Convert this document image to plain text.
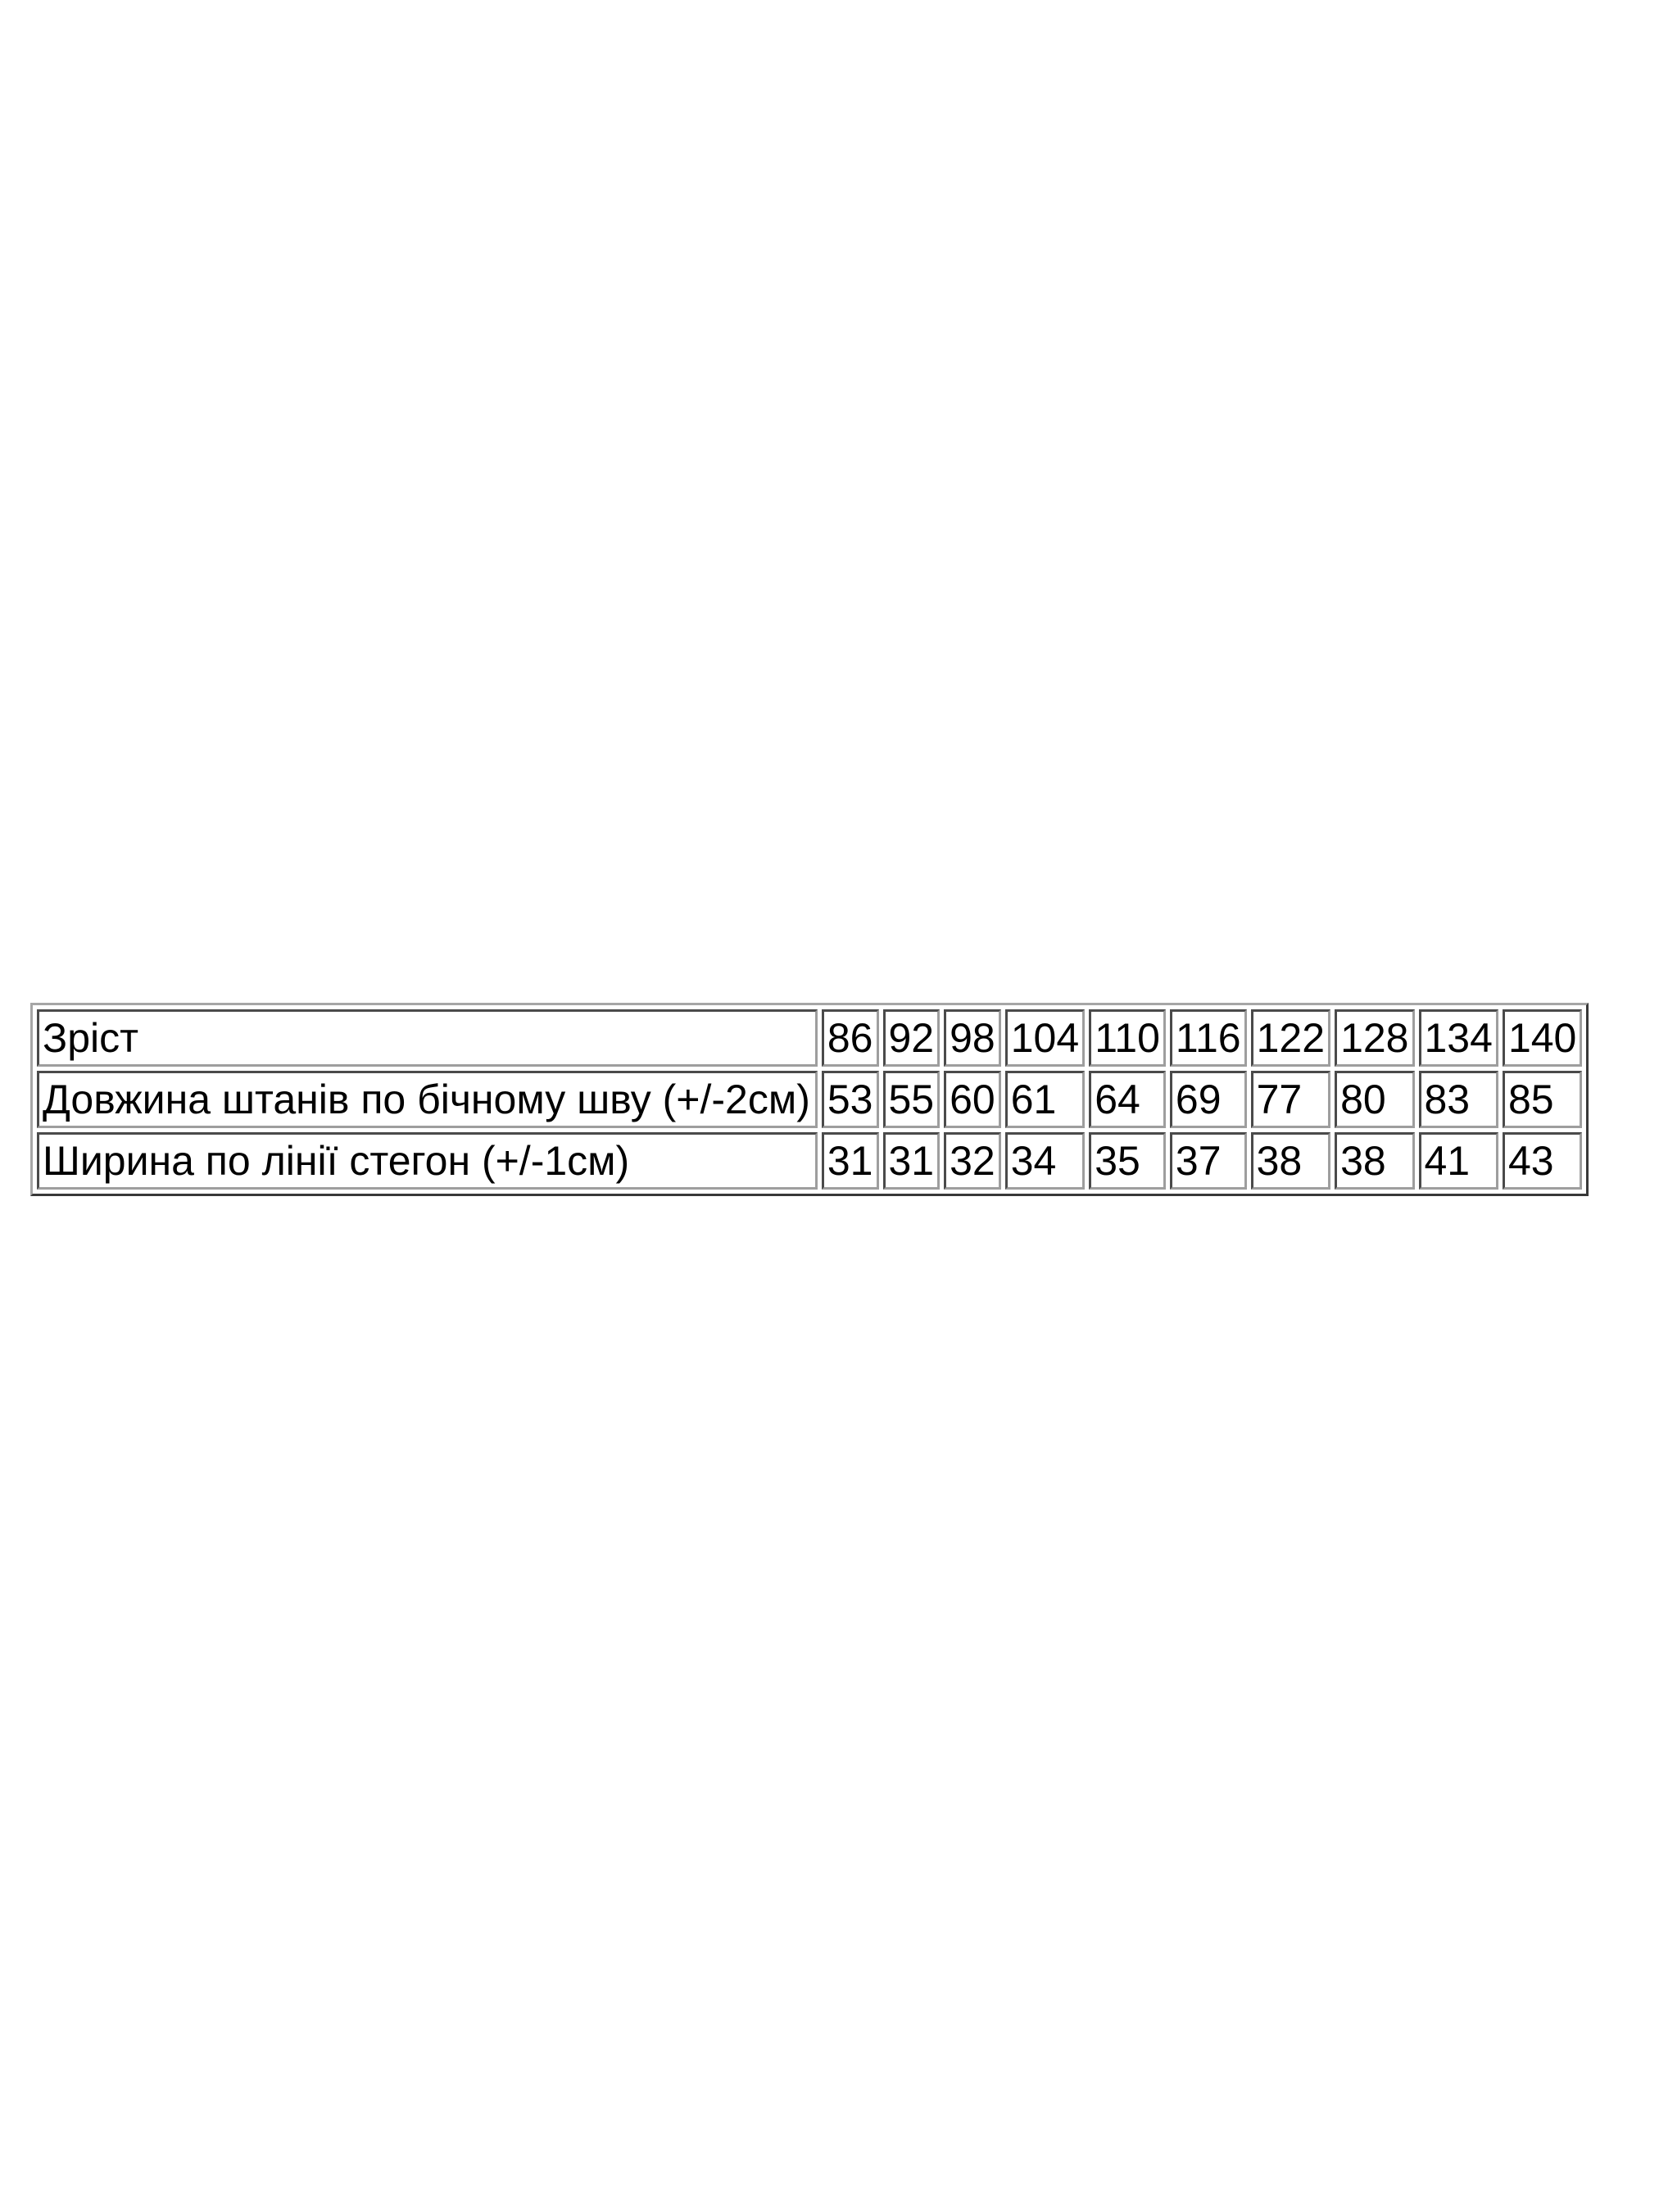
Зріст	86	92	98	104	110	116	122	128	134	140
Довжина штанів по бічному шву (+/-2см)	53	55	60	61	64	69	77	80	83	85
Ширина по лінії стегон (+/-1см)	31	31	32	34	35	37	38	38	41	43
